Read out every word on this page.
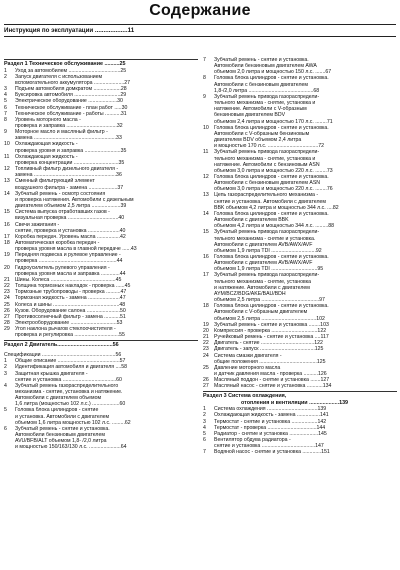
Содержание
Инструкция по эксплуатации ...................11
Раздел 1 Техническое обслуживание ..........25
1	Уход за автомобилем ....................................25
2	Запуск двигателя с использованием
вспомогательного аккумулятора .....................27
3	Подъем автомобиля домкратом ...................28
4	Буксировка автомобиля ................................29
5	Электрическое оборудование ....................30
6	Техническое обслуживание - план работ .....30
7	Техническое обслуживание - работы ...........31
8	Уровень моторного масла -
проверка и заправка ...................................32
9	Моторное масло и масляный фильтр -
замена .........................................................33
10	Охлаждающая жидкость -
проверка уровня и заправка .........................35
11	Охлаждающая жидкость -
проверка концентрации ...............................35
12	Топливный фильтр дизельного двигателя -
замена .........................................................36
13	Сменный фильтрующий элемент
воздушного фильтра - замена ....................37
14	Зубчатый ремень - осмотр состояния
и проверка натяжения. Автомобили с дизельным
двигателем объемом 2,5 литра ....................39
15	Система выпуска отработавших газов -
визуальная проверка ...................................40
16	Свечи зажигания -
снятие, проверка и установка ......................40
17	Коробка передач. Уровень масла ................42
18	Автоматическая коробка передач -
проверка уровня масла в главной передаче ......43
19	Передняя подвеска и рулевое управление -
проверка ......................................................44
20	Гидроусилитель рулевого управления -
проверка уровня масла и заправка .............44
21	Шины. Колеса .............................................45
22	Толщина тормозных накладок - проверка ......45
23	Тормозные трубопроводы - проверка ..........47
24	Тормозная жидкость - замена ......................47
25	Колеса и шины ..............................................48
26	Кузов. Оборудование салона .......................50
27	Противосолнечный фильтр - замена ...........51
28	Электрооборудование ................................53
29	Угол наклона рычагов стеклоочистителя -
проверка и регулировка ...............................55
Раздел 2 Двигатель.....................................56
Спецификации ...................................................56
1	Общие описание ...........................................57
2	Идентификация автомобиля и двигателя ....58
3	Защитная крышка двигателя -
снятие и установка .....................................60
4	Зубчатый ремень газораспределительного
механизма - снятие, установка и натяжение.
Автомобили с двигателем объемом
1,6 литра (мощностью 102 л.с.) ...................60
5	Головка блока цилиндров - снятие
и установка. Автомобили с двигателем
объемом 1,6 литра мощностью 102 л.с. .........62
6	Зубчатый ремень - снятие и установка.
Автомобили бензиновым двигателем
AVU/BFB/ALT объемом 1,8- /2,0 литра
и мощностью 150/163/130 л.с. ......................64
7	Зубчатый ремень - снятие и установка.
Автомобили бензиновым двигателем AWA
объемом 2,0 литра и мощностью 150 л.с. .......67
8	Головка блока цилиндров - снятие и установка.
Автомобили с бензиновым двигателем
1,8-/2,0 литра .............................................68
9	Зубчатый ремень привода газораспредели-
тельного механизма - снятие, установка и
натяжение. Автомобили с V-образным
бензиновым двигателем BDV
объемом 2,4 литра и мощностью 170 л.с. ........71
10	Головка блока цилиндров - снятие и установка.
Автомобили с V-образным бензиновым
двигателем BDV объемом 2,4 литра
и мощностью 170 л.с. ...................................72
11	Зубчатый ремень привода газораспредели-
тельного механизма - снятие, установка и
натяжение. Автомобили с бензиновым ASN
объемом 3,0 литра и мощностью 220 л.с. ........73
12	Головка блока цилиндров - снятие и установка.
Автомобили с бензиновым двигателем ASN
объемом 3,0 литра и мощностью 220 л.с. ........76
13	Цепь газораспределительного механизма -
снятие и установка. Автомобили с двигателем
BBK объемом 4,2 литра и мощностью 344 л.с. ....82
14	Головка блока цилиндров - снятие и установка.
Автомобили с двигателем BBK
объемом 4,2 литра и мощностью 344 л.с. .........88
15	Зубчатый ремень привода газораспредели-
тельного механизма - снятие и установка.
Автомобили с двигателем AVB/AWX/AVF
объемом 1,9 литра TDI ...............................92
16	Головка блока цилиндров - снятие и установка.
Автомобили с двигателем AVB/AWX/AVF
объемом 1,9 литра TDI ................................95
17	Зубчатый ремень привода газораспредели-
тельного механизма - снятие, установка
и натяжение. Автомобили с двигателем
AYM/BCZ/BDG/AKE/BAU/BDH
объемом 2,5 литра ........................................97
18	Головка блока цилиндров - снятие и установка.
Автомобили с V-образным двигателем
объемом 2,5 литра ......................................102
19	Зубчатый ремень - снятие и установка ........103
20	Компрессия - проверка ................................122
21	Ручейковый ремень - снятие и установка ....117
22	Двигатель - снятие .....................................122
23	Двигатель - запуск ......................................125
24	Система смазки двигателя -
общие положения ........................................125
25	Давление моторного масла
и датчик давления масла - проверка ..........126
26	Масляный поддон - снятие и установка .......127
27	Масляный насос - снятие и установка ...........134
Раздел 3 Система охлаждения,
отопления и вентиляции ....................139
1	Система охлаждения ...................................139
2	Охлаждающая жидкость - замена ................141
3	Термостат - снятие и установка ..................142
4	Термостат - проверка ..................................144
5	Радиатор - снятие и установка ....................145
6	Вентилятор обдува радиатора -
снятие и установка .....................................147
7	Водяной насос - снятие и установка .............151
